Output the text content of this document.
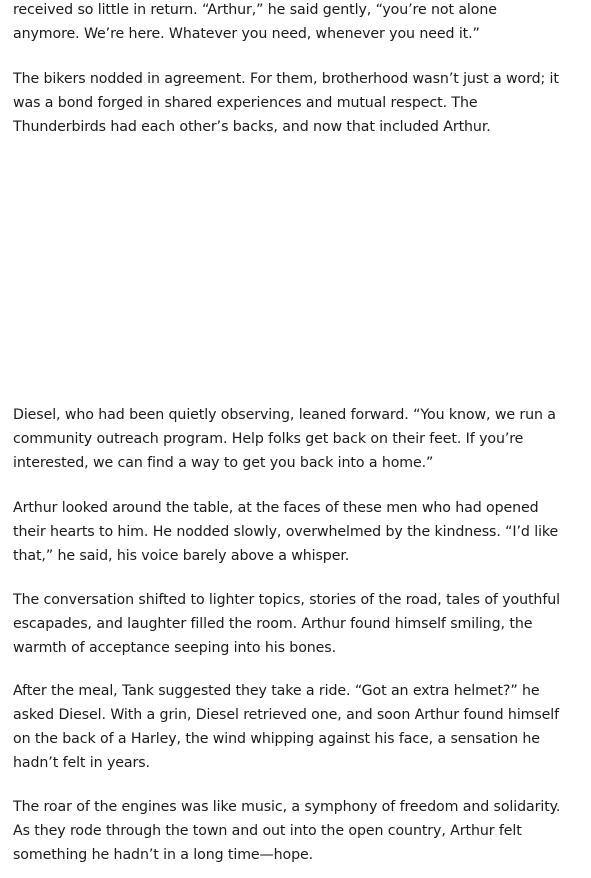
received so little in return. “Arthur,” he said gently, “you’re not alone anymore. We’re here. Whatever you need, whenever you need it.”

The bikers nodded in agreement. For them, brotherhood wasn’t just a word; it was a bond forged in shared experiences and mutual respect. The Thunderbirds had each other’s backs, and now that included Arthur.

Diesel, who had been quietly observing, leaned forward. “You know, we run a community outreach program. Help folks get back on their feet. If you’re interested, we can find a way to get you back into a home.”

Arthur looked around the table, at the faces of these men who had opened their hearts to him. He nodded slowly, overwhelmed by the kindness. “I’d like that,” he said, his voice barely above a whisper.

The conversation shifted to lighter topics, stories of the road, tales of youthful escapades, and laughter filled the room. Arthur found himself smiling, the warmth of acceptance seeping into his bones.

After the meal, Tank suggested they take a ride. “Got an extra helmet?” he asked Diesel. With a grin, Diesel retrieved one, and soon Arthur found himself on the back of a Harley, the wind whipping against his face, a sensation he hadn’t felt in years.

The roar of the engines was like music, a symphony of freedom and solidarity. As they rode through the town and out into the open country, Arthur felt something he hadn’t in a long time—hope.
